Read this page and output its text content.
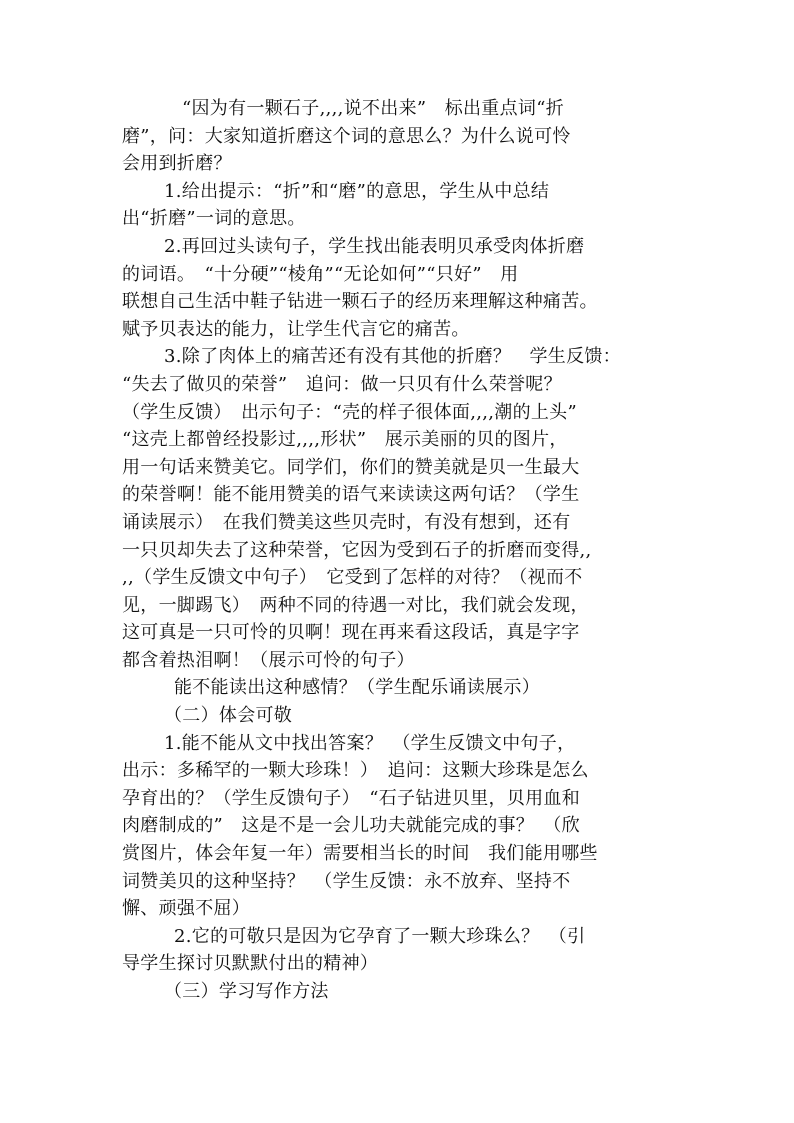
“因为有一颗石子,,,,说不出来”　标出重点词“折
磨”，问：大家知道折磨这个词的意思么？为什么说可怜
会用到折磨？
1.给出提示：“折”和“磨”的意思，学生从中总结
出“折磨”一词的意思。
2.再回过头读句子，学生找出能表明贝承受肉体折磨
的词语。　“十分硬”“棱角”“无论如何”“只好”　用
联想自己生活中鞋子钻进一颗石子的经历来理解这种痛苦。
赋予贝表达的能力，让学生代言它的痛苦。
3.除了肉体上的痛苦还有没有其他的折磨？　学生反馈：
“失去了做贝的荣誉”　追问：做一只贝有什么荣誉呢？
（学生反馈）　出示句子：“壳的样子很体面,,,,潮的上头”
“这壳上都曾经投影过,,,,形状”　展示美丽的贝的图片，
用一句话来赞美它。同学们，你们的赞美就是贝一生最大
的荣誉啊！能不能用赞美的语气来读读这两句话？（学生
诵读展示）　在我们赞美这些贝壳时，有没有想到，还有
一只贝却失去了这种荣誉，它因为受到石子的折磨而变得,,
,,（学生反馈文中句子）　它受到了怎样的对待？（视而不
见，一脚踢飞）　两种不同的待遇一对比，我们就会发现，
这可真是一只可怜的贝啊！现在再来看这段话，真是字字
都含着热泪啊！（展示可怜的句子）
能不能读出这种感情？（学生配乐诵读展示）
（二）体会可敬
1.能不能从文中找出答案？　（学生反馈文中句子，
出示：多稀罕的一颗大珍珠！）　追问：这颗大珍珠是怎么
孕育出的？（学生反馈句子）　“石子钻进贝里，贝用血和
肉磨制成的”　这是不是一会儿功夫就能完成的事？　（欣
赏图片，体会年复一年）需要相当长的时间　我们能用哪些
词赞美贝的这种坚持？　（学生反馈：永不放弃、坚持不
懈、顽强不屈）
2.它的可敬只是因为它孕育了一颗大珍珠么？　（引
导学生探讨贝默默付出的精神）
（三）学习写作方法
